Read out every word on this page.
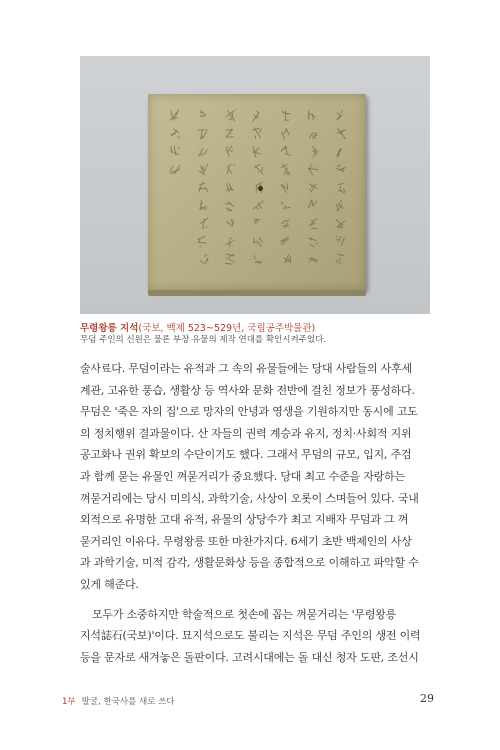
무령왕릉 지석(국보, 백제 523~529년, 국립공주박물관)
무덤 주인의 신원은 물론 부장 유물의 제작 연대를 확인시켜주었다.
술사료다. 무덤이라는 유적과 그 속의 유물들에는 당대 사람들의 사후세
계관, 고유한 풍습, 생활상 등 역사와 문화 전반에 걸친 정보가 풍성하다.
무덤은 '죽은 자의 집'으로 망자의 안녕과 영생을 기원하지만 동시에 고도
의 정치행위 결과물이다. 산 자들의 권력 계승과 유지, 정치·사회적 지위
공고화나 권위 확보의 수단이기도 했다. 그래서 무덤의 규모, 입지, 주검
과 함께 묻는 유물인 껴묻거리가 중요했다. 당대 최고 수준을 자랑하는
껴묻거리에는 당시 미의식, 과학기술, 사상이 오롯이 스며들어 있다. 국내
외적으로 유명한 고대 유적, 유물의 상당수가 최고 지배자 무덤과 그 껴
묻거리인 이유다. 무령왕릉 또한 마찬가지다. 6세기 초반 백제인의 사상
과 과학기술, 미적 감각, 생활문화상 등을 종합적으로 이해하고 파악할 수
있게 해준다.
모두가 소중하지만 학술적으로 첫손에 꼽는 껴묻거리는 '무령왕릉
지석誌石(국보)'이다. 묘지석으로도 불리는 지석은 무덤 주인의 생전 이력
등을 문자로 새겨놓은 돌판이다. 고려시대에는 돌 대신 청자 도판, 조선시
1부 발굴, 한국사를 새로 쓰다	29
